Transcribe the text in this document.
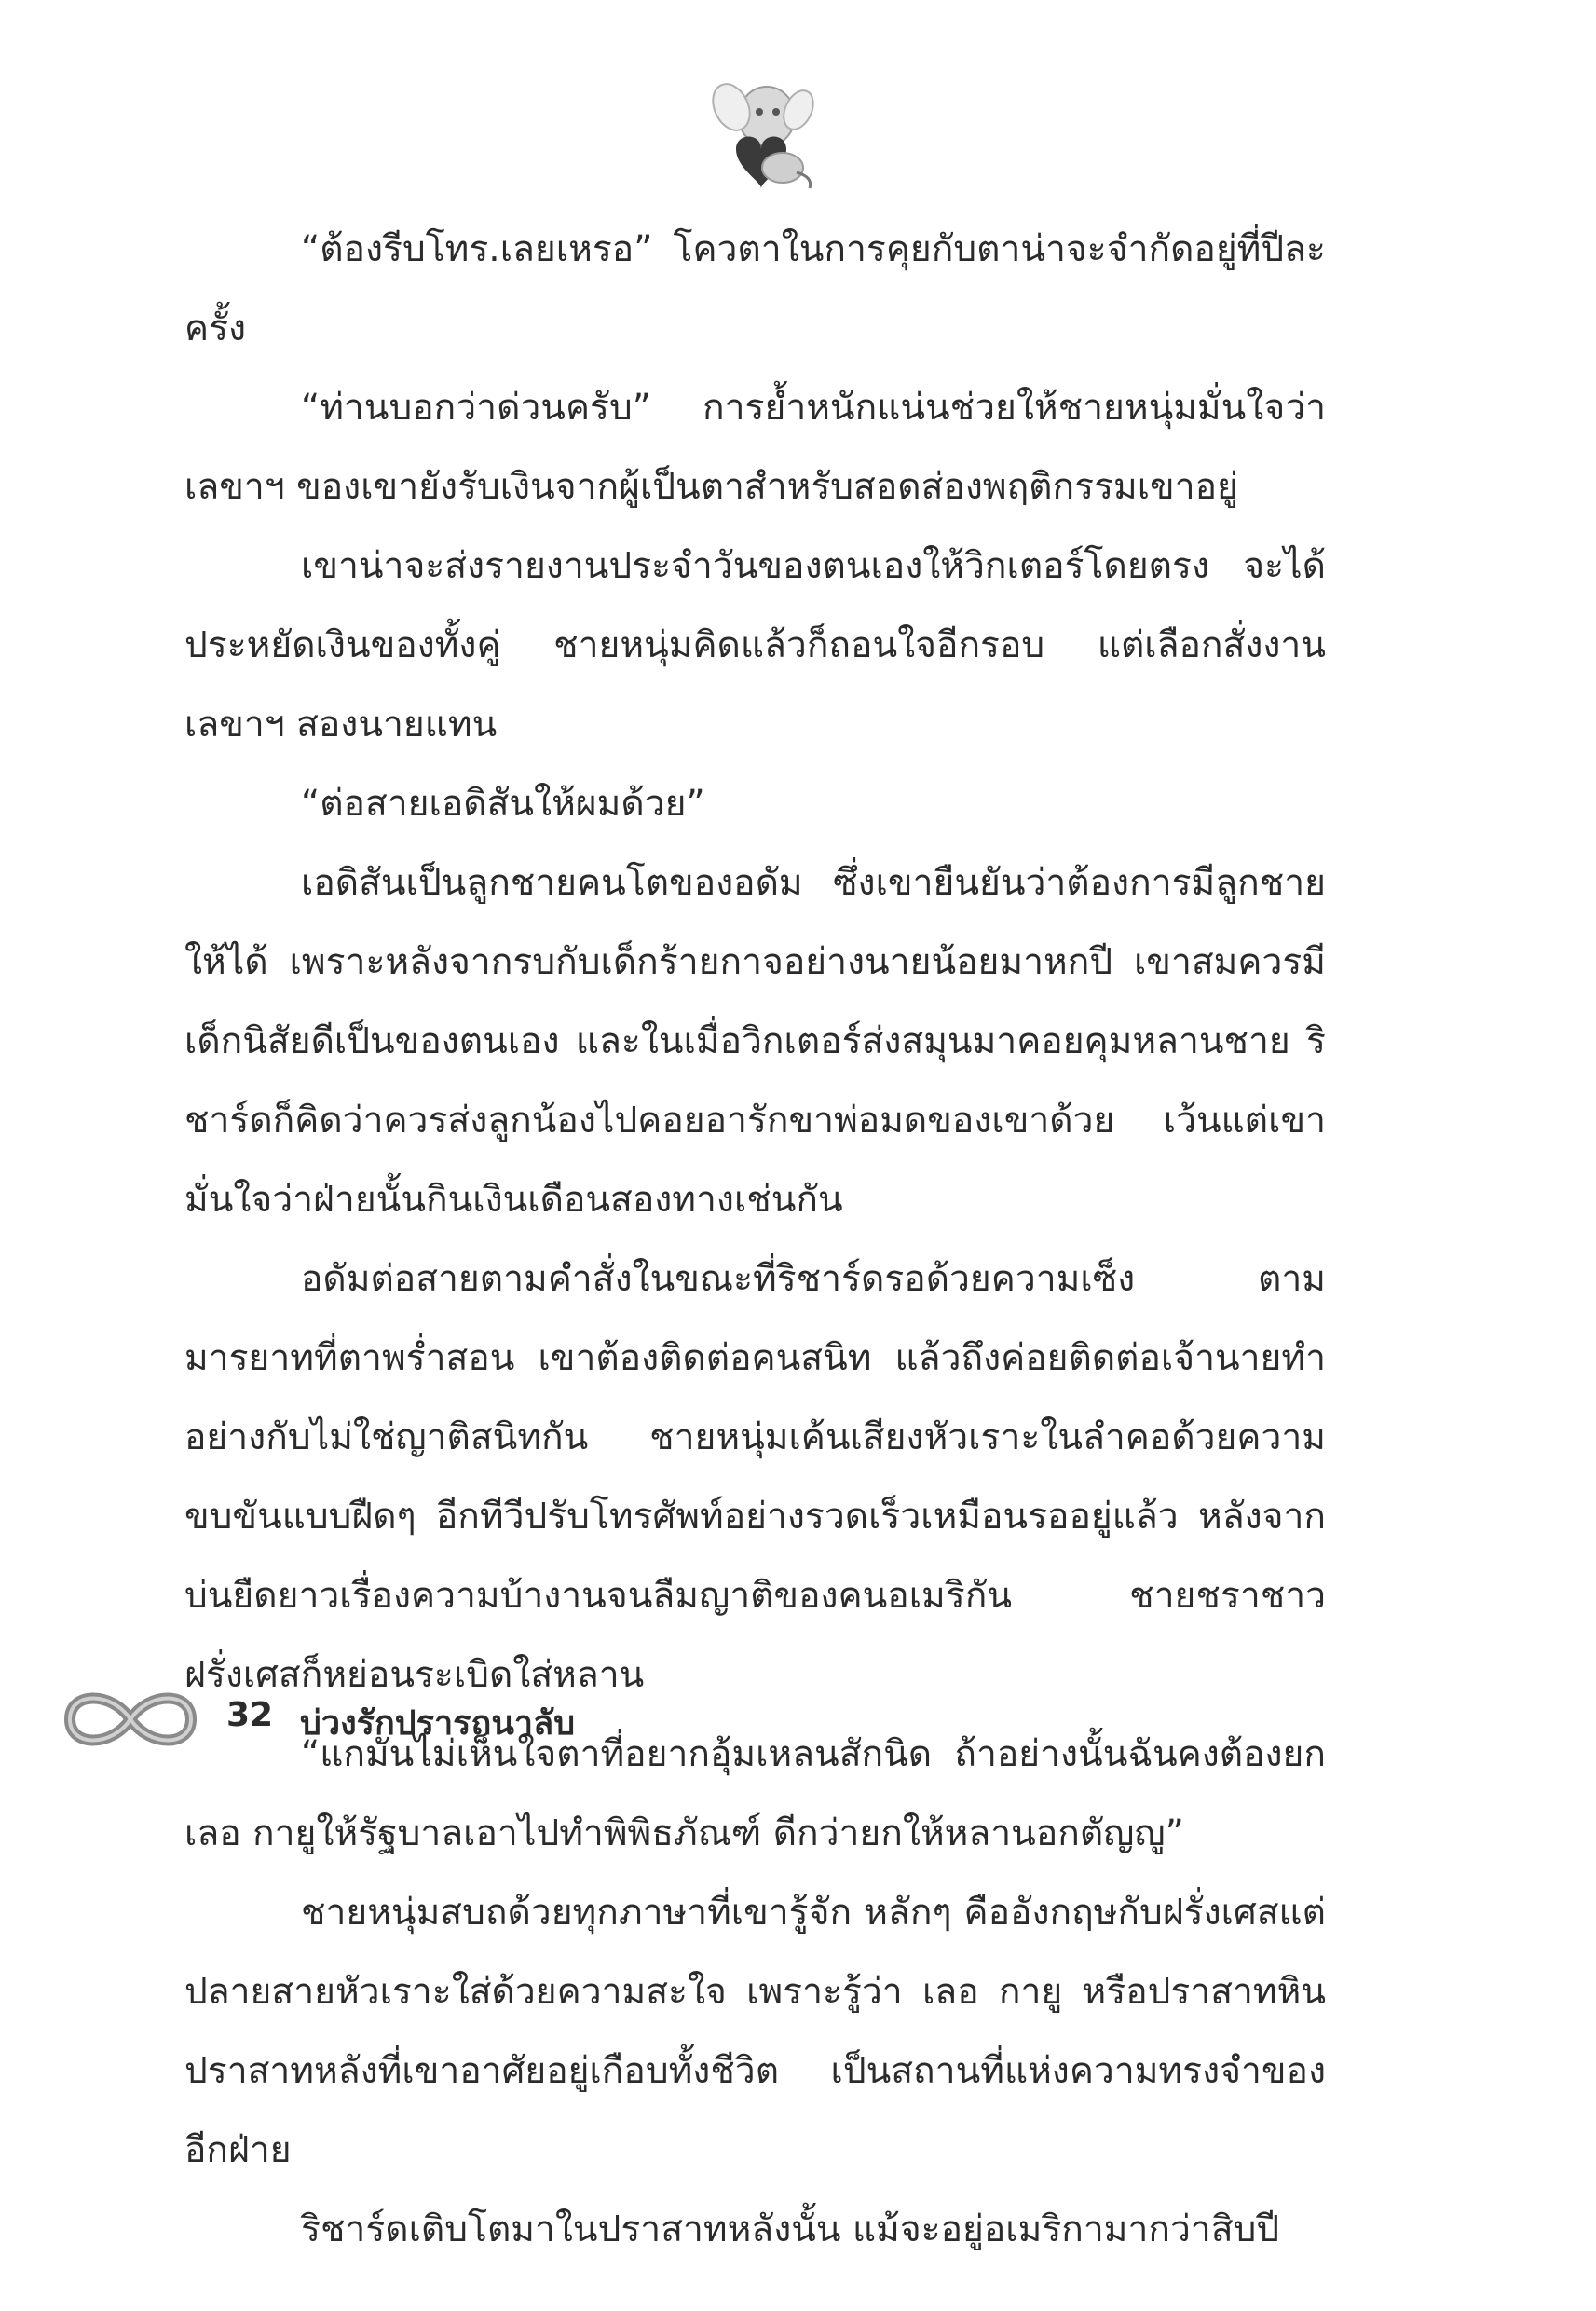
“ต้องรีบโทร.เลยเหรอ” โควตาในการคุยกับตาน่าจะจำกัดอยู่ที่ปีละครั้ง

“ท่านบอกว่าด่วนครับ” การย้ำหนักแน่นช่วยให้ชายหนุ่มมั่นใจว่าเลขาฯ ของเขายังรับเงินจากผู้เป็นตาสำหรับสอดส่องพฤติกรรมเขาอยู่

เขาน่าจะส่งรายงานประจำวันของตนเองให้วิกเตอร์โดยตรง จะได้ประหยัดเงินของทั้งคู่ ชายหนุ่มคิดแล้วก็ถอนใจอีกรอบ แต่เลือกสั่งงานเลขาฯ สองนายแทน

“ต่อสายเอดิสันให้ผมด้วย”

เอดิสันเป็นลูกชายคนโตของอดัม ซึ่งเขายืนยันว่าต้องการมีลูกชายให้ได้ เพราะหลังจากรบกับเด็กร้ายกาจอย่างนายน้อยมาหกปี เขาสมควรมีเด็กนิสัยดีเป็นของตนเอง และในเมื่อวิกเตอร์ส่งสมุนมาคอยคุมหลานชาย ริชาร์ดก็คิดว่าควรส่งลูกน้องไปคอยอารักขาพ่อมดของเขาด้วย เว้นแต่เขามั่นใจว่าฝ่ายนั้นกินเงินเดือนสองทางเช่นกัน

อดัมต่อสายตามคำสั่งในขณะที่ริชาร์ดรอด้วยความเซ็ง ตามมารยาทที่ตาพร่ำสอน เขาต้องติดต่อคนสนิท แล้วถึงค่อยติดต่อเจ้านายทำอย่างกับไม่ใช่ญาติสนิทกัน ชายหนุ่มเค้นเสียงหัวเราะในลำคอด้วยความขบขันแบบฝืดๆ อีกทีวีปรับโทรศัพท์อย่างรวดเร็วเหมือนรออยู่แล้ว หลังจากบ่นยืดยาวเรื่องความบ้างานจนลืมญาติของคนอเมริกัน ชายชราชาวฝรั่งเศสก็หย่อนระเบิดใส่หลาน

“แกมันไม่เห็นใจตาที่อยากอุ้มเหลนสักนิด ถ้าอย่างนั้นฉันคงต้องยกเลอ กายูให้รัฐบาลเอาไปทำพิพิธภัณฑ์ ดีกว่ายกให้หลานอกตัญญู”

ชายหนุ่มสบถด้วยทุกภาษาที่เขารู้จัก หลักๆ คืออังกฤษกับฝรั่งเศสแต่ปลายสายหัวเราะใส่ด้วยความสะใจ เพราะรู้ว่า เลอ กายู หรือปราสาทหิน ปราสาทหลังที่เขาอาศัยอยู่เกือบทั้งชีวิต เป็นสถานที่แห่งความทรงจำของอีกฝ่าย

ริชาร์ดเติบโตมาในปราสาทหลังนั้น แม้จะอยู่อเมริกามากว่าสิบปี

32 บ่วงรักปรารถนาลับ
